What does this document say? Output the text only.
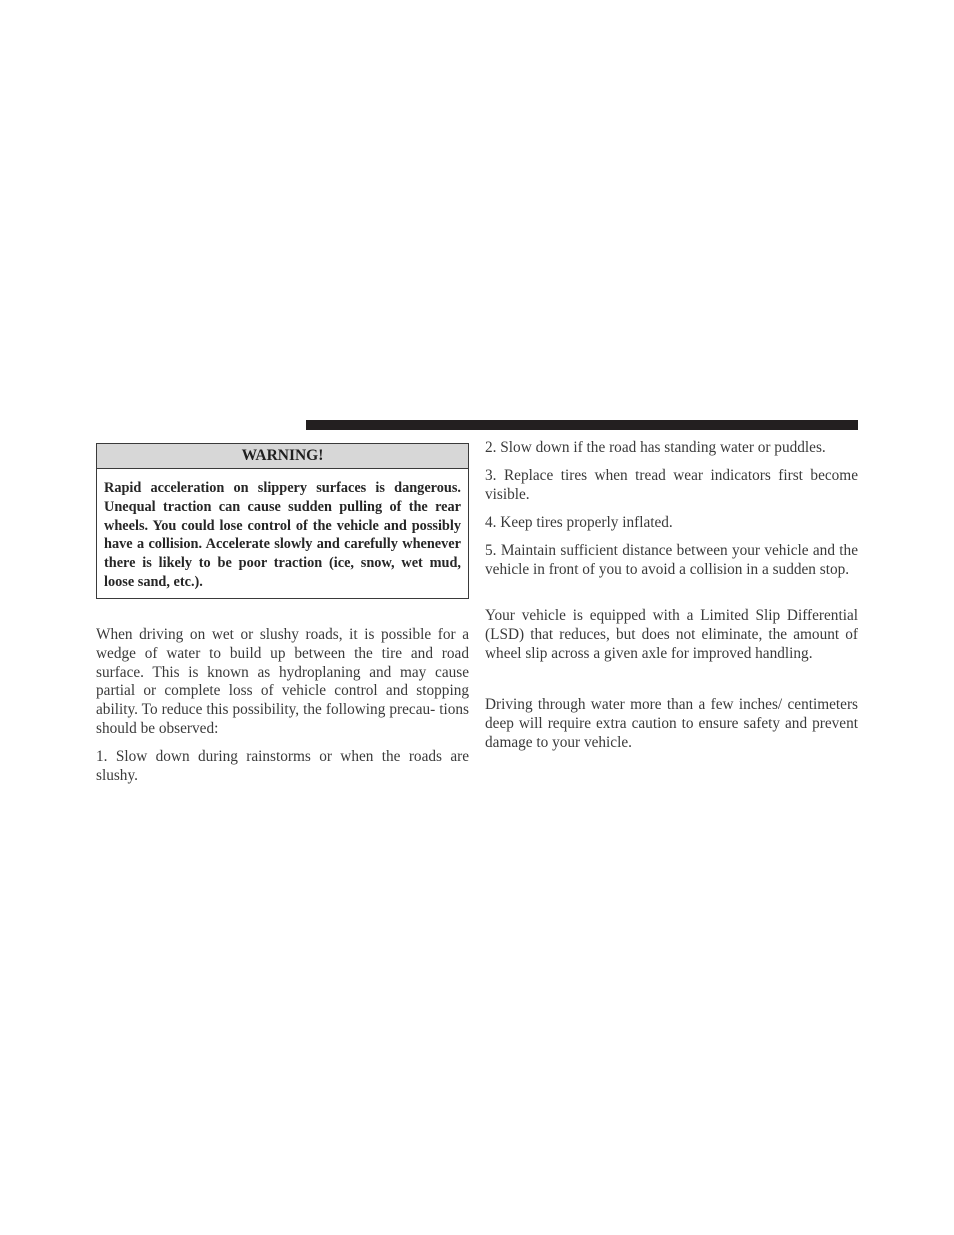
WARNING!
Rapid acceleration on slippery surfaces is dangerous. Unequal traction can cause sudden pulling of the rear wheels. You could lose control of the vehicle and possibly have a collision. Accelerate slowly and carefully whenever there is likely to be poor traction (ice, snow, wet mud, loose sand, etc.).

When driving on wet or slushy roads, it is possible for a wedge of water to build up between the tire and road surface. This is known as hydroplaning and may cause partial or complete loss of vehicle control and stopping ability. To reduce this possibility, the following precau- tions should be observed:

1. Slow down during rainstorms or when the roads are slushy.

2. Slow down if the road has standing water or puddles.

3. Replace tires when tread wear indicators first become visible.

4. Keep tires properly inflated.

5. Maintain sufficient distance between your vehicle and the vehicle in front of you to avoid a collision in a sudden stop.

Your vehicle is equipped with a Limited Slip Differential (LSD) that reduces, but does not eliminate, the amount of wheel slip across a given axle for improved handling.

Driving through water more than a few inches/ centimeters deep will require extra caution to ensure safety and prevent damage to your vehicle.
